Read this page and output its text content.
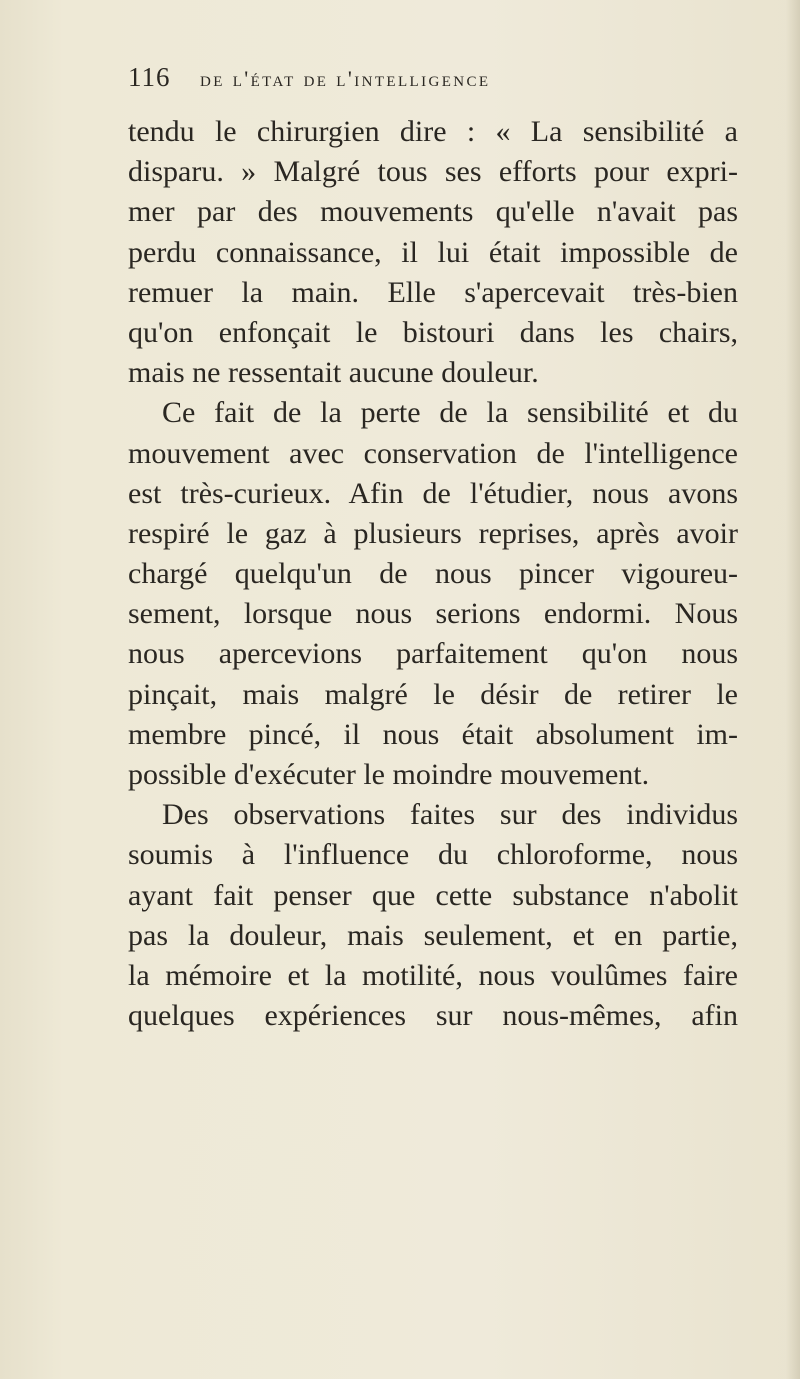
116 de l'état de l'intelligence
tendu le chirurgien dire : « La sensibilité a
disparu. » Malgré tous ses efforts pour expri-
mer par des mouvements qu'elle n'avait pas
perdu connaissance, il lui était impossible de
remuer la main. Elle s'apercevait très-bien
qu'on enfonçait le bistouri dans les chairs,
mais ne ressentait aucune douleur.
Ce fait de la perte de la sensibilité et du
mouvement avec conservation de l'intelligence
est très-curieux. Afin de l'étudier, nous avons
respiré le gaz à plusieurs reprises, après avoir
chargé quelqu'un de nous pincer vigoureu-
sement, lorsque nous serions endormi. Nous
nous apercevions parfaitement qu'on nous
pinçait, mais malgré le désir de retirer le
membre pincé, il nous était absolument im-
possible d'exécuter le moindre mouvement.
Des observations faites sur des individus
soumis à l'influence du chloroforme, nous
ayant fait penser que cette substance n'abolit
pas la douleur, mais seulement, et en partie,
la mémoire et la motilité, nous voulûmes faire
quelques expériences sur nous-mêmes, afin
